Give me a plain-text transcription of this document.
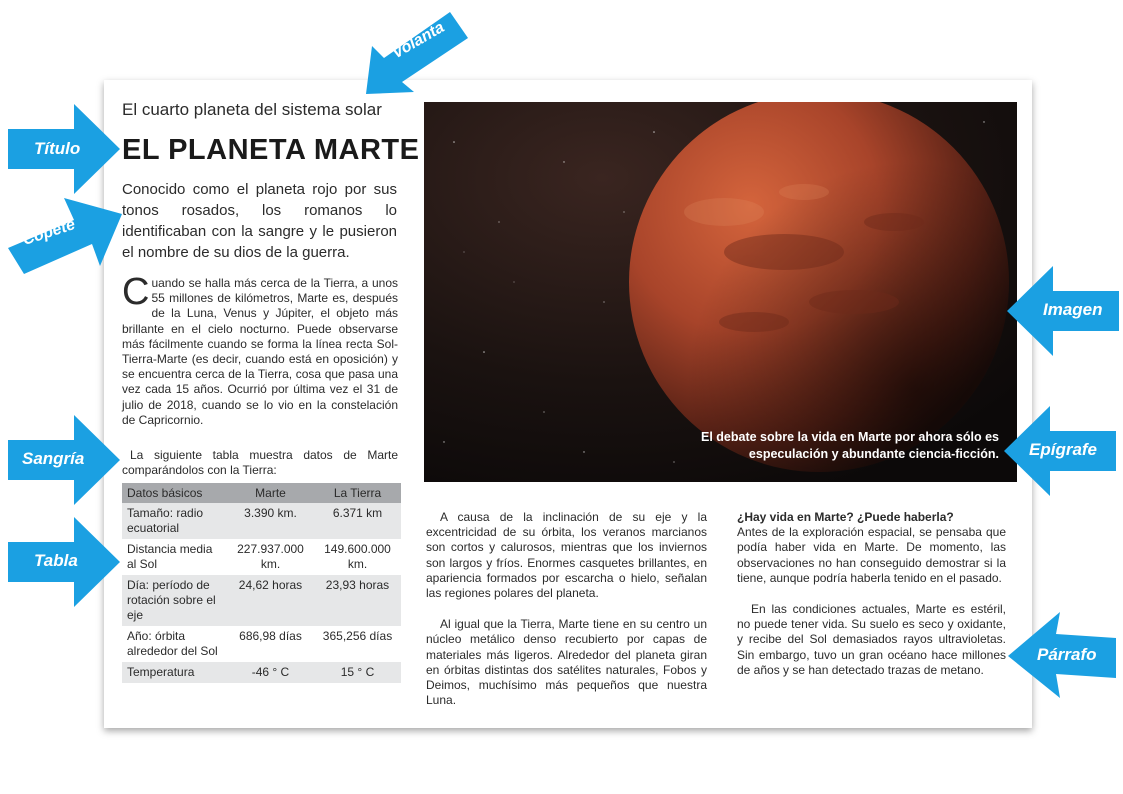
El cuarto planeta del sistema solar
EL PLANETA MARTE
Conocido como el planeta rojo por sus tonos rosados, los romanos lo identificaban con la sangre y le pusieron el nombre de su dios de la guerra.
Cuando se halla más cerca de la Tierra, a unos 55 millones de kilómetros, Marte es, después de la Luna, Venus y Júpiter, el objeto más brillante en el cielo nocturno. Puede observarse más fácilmente cuando se forma la línea recta Sol-Tierra-Marte (es decir, cuando está en oposición) y se encuentra cerca de la Tierra, cosa que pasa una vez cada 15 años. Ocurrió por última vez el 31 de julio de 2018, cuando se lo vio en la constelación de Capricornio.
La siguiente tabla muestra datos de Marte comparándolos con la Tierra:
Datos básicos	Marte	La Tierra
Tamaño: radio ecuatorial	3.390 km.	6.371 km
Distancia media al Sol	227.937.000 km.	149.600.000 km.
Día: período de rotación sobre el eje	24,62 horas	23,93 horas
Año: órbita alrededor del Sol	686,98 días	365,256 días
Temperatura	-46 ° C	15 ° C
El debate sobre la vida en Marte por ahora sólo es especulación y abundante ciencia-ficción.

A causa de la inclinación de su eje y la excentricidad de su órbita, los veranos marcianos son cortos y calurosos, mientras que los inviernos son largos y fríos. Enormes casquetes brillantes, en apariencia formados por escarcha o hielo, señalan las regiones polares del planeta.

Al igual que la Tierra, Marte tiene en su centro un núcleo metálico denso recubierto por capas de materiales más ligeros. Alrededor del planeta giran en órbitas distintas dos satélites naturales, Fobos y Deimos, muchísimo más pequeños que nuestra Luna.

¿Hay vida en Marte? ¿Puede haberla?

Antes de la exploración espacial, se pensaba que podía haber vida en Marte. De momento, las observaciones no han conseguido demostrar si la tiene, aunque podría haberla tenido en el pasado.

En las condiciones actuales, Marte es estéril, no puede tener vida. Su suelo es seco y oxidante, y recibe del Sol demasiados rayos ultravioletas. Sin embargo, tuvo un gran océano hace millones de años y se han detectado trazas de metano.

Volanta
Título
Copete
Sangría
Tabla
Imagen
Epígrafe
Párrafo
